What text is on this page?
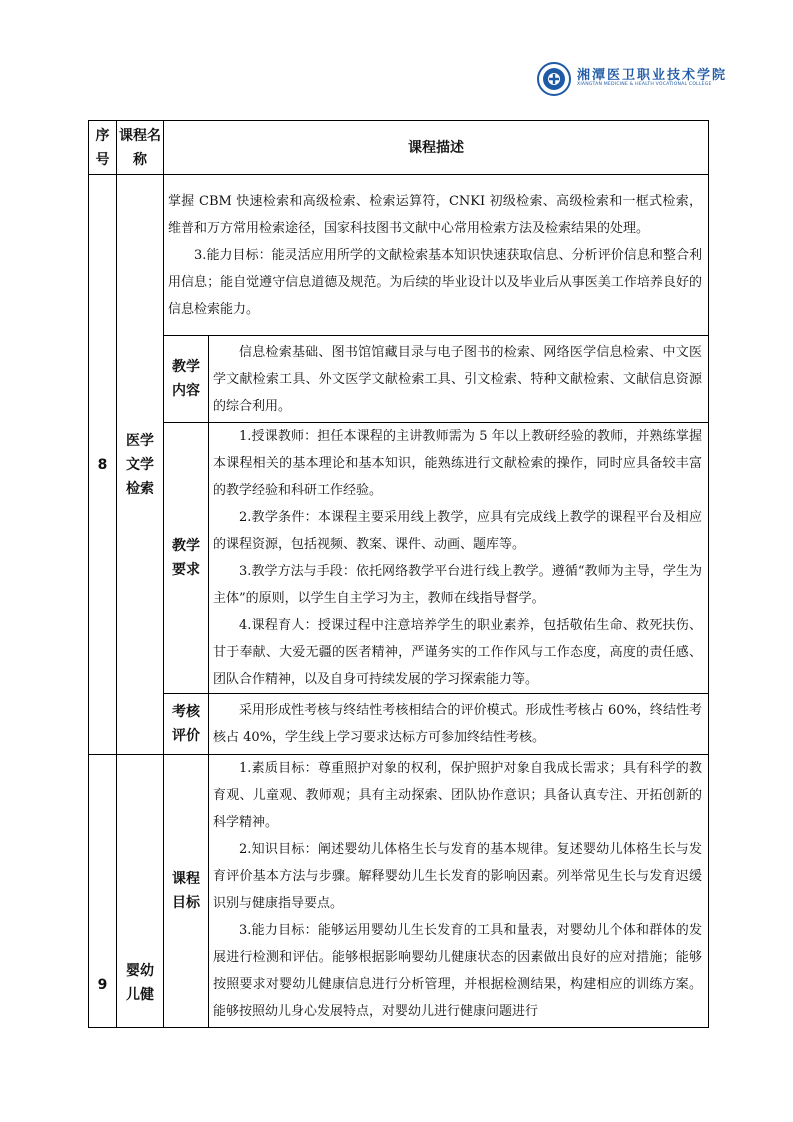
湘潭医卫职业技术学院
XIANGTAN MEDICINE & HEALTH VOCATIONAL COLLEGE
序号	课程名称	课程描述	
8	医学文学检索	掌握 CBM 快速检索和高级检索、检索运算符，CNKI 初级检索、高级检索和一框式检索，维普和万方常用检索途径，国家科技图书文献中心常用检索方法及检索结果的处理。

3.能力目标：能灵活应用所学的文献检索基本知识快速获取信息、分析评价信息和整合利用信息；能自觉遵守信息道德及规范。为后续的毕业设计以及毕业后从事医美工作培养良好的信息检索能力。	

		教学内容	信息检索基础、图书馆馆藏目录与电子图书的检索、网络医学信息检索、中文医学文献检索工具、外文医学文献检索工具、引文检索、特种文献检索、文献信息资源的综合利用。

		教学要求	1.授课教师：担任本课程的主讲教师需为 5 年以上教研经验的教师，并熟练掌握本课程相关的基本理论和基本知识，能熟练进行文献检索的操作，同时应具备较丰富的教学经验和科研工作经验。

2.教学条件：本课程主要采用线上教学，应具有完成线上教学的课程平台及相应的课程资源，包括视频、教案、课件、动画、题库等。

3.教学方法与手段：依托网络教学平台进行线上教学。遵循“教师为主导，学生为主体”的原则，以学生自主学习为主，教师在线指导督学。

4.课程育人：授课过程中注意培养学生的职业素养，包括敬佑生命、救死扶伤、甘于奉献、大爱无疆的医者精神，严谨务实的工作作风与工作态度，高度的责任感、团队合作精神，以及自身可持续发展的学习探索能力等。

		考核评价	采用形成性考核与终结性考核相结合的评价模式。形成性考核占 60%，终结性考核占 40%，学生线上学习要求达标方可参加终结性考核。

9	婴幼儿健	课程目标	1.素质目标：尊重照护对象的权利，保护照护对象自我成长需求；具有科学的教育观、儿童观、教师观；具有主动探索、团队协作意识；具备认真专注、开拓创新的科学精神。

2.知识目标：阐述婴幼儿体格生长与发育的基本规律。复述婴幼儿体格生长与发育评价基本方法与步骤。解释婴幼儿生长发育的影响因素。列举常见生长与发育迟缓识别与健康指导要点。

3.能力目标：能够运用婴幼儿生长发育的工具和量表，对婴幼儿个体和群体的发展进行检测和评估。能够根据影响婴幼儿健康状态的因素做出良好的应对措施；能够按照要求对婴幼儿健康信息进行分析管理，并根据检测结果，构建相应的训练方案。能够按照幼儿身心发展特点，对婴幼儿进行健康问题进行
